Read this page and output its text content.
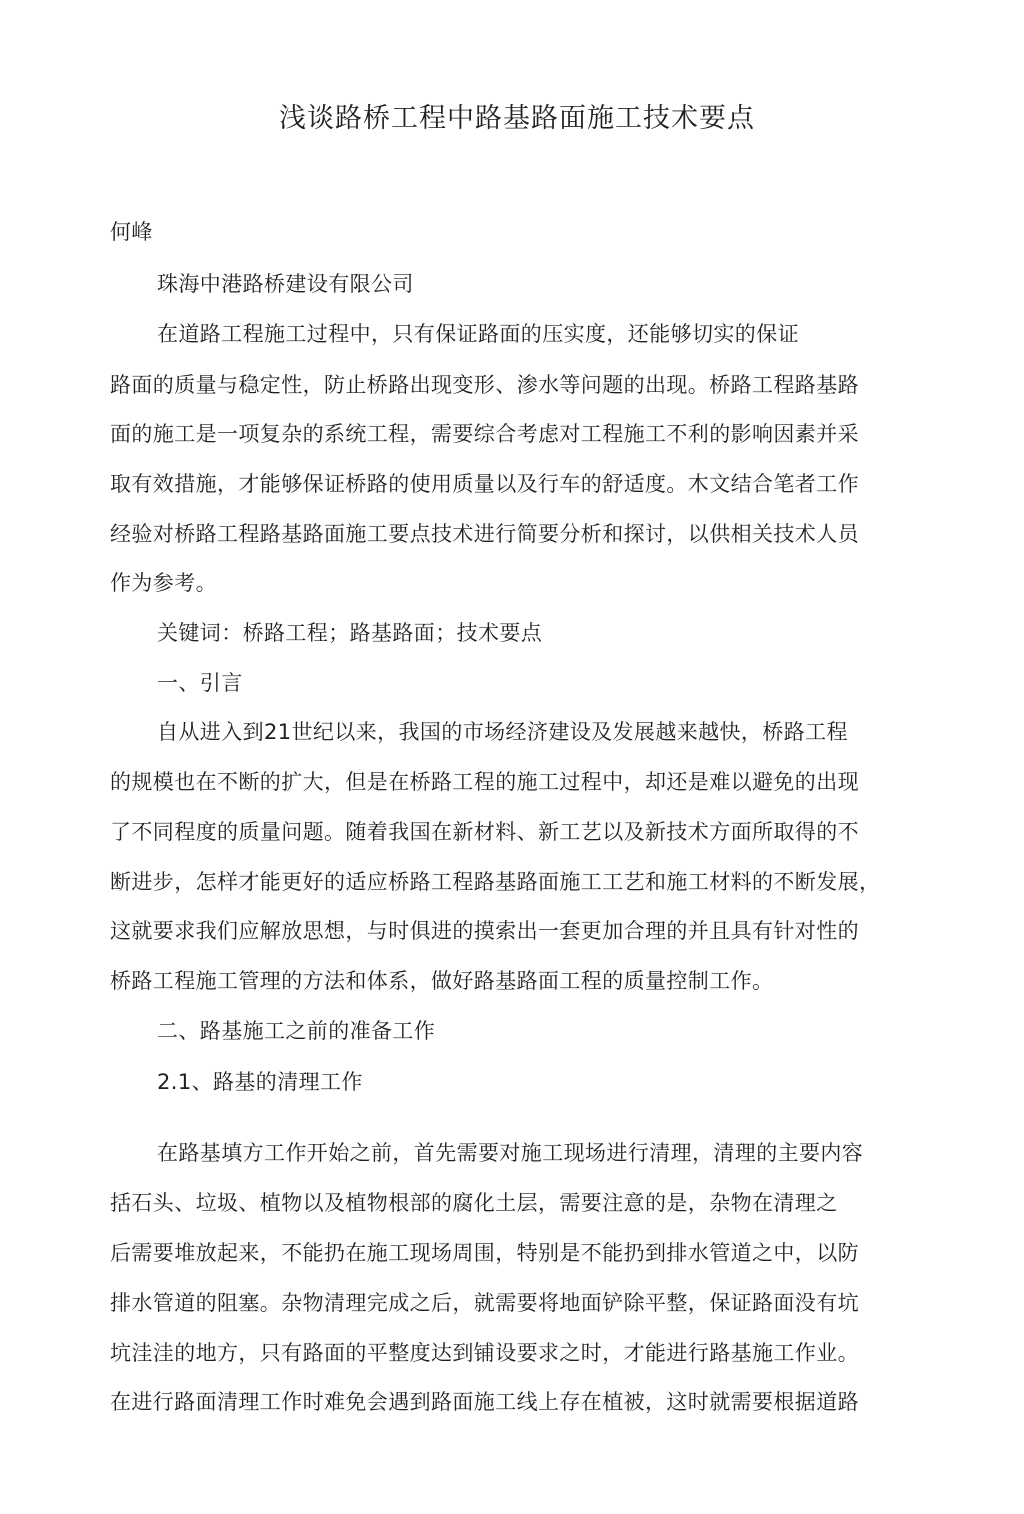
浅谈路桥工程中路基路面施工技术要点
何峰
珠海中港路桥建设有限公司
在道路工程施工过程中，只有保证路面的压实度，还能够切实的保证
路面的质量与稳定性，防止桥路出现变形、渗水等问题的出现。桥路工程路基路
面的施工是一项复杂的系统工程，需要综合考虑对工程施工不利的影响因素并采
取有效措施，才能够保证桥路的使用质量以及行车的舒适度。木文结合笔者工作
经验对桥路工程路基路面施工要点技术进行简要分析和探讨，以供相关技术人员
作为参考。
关键词：桥路工程；路基路面；技术要点
一、引言
自从进入到21世纪以来，我国的市场经济建设及发展越来越快，桥路工程
的规模也在不断的扩大，但是在桥路工程的施工过程中，却还是难以避免的出现
了不同程度的质量问题。随着我国在新材料、新工艺以及新技术方面所取得的不
断进步，怎样才能更好的适应桥路工程路基路面施工工艺和施工材料的不断发展，
这就要求我们应解放思想，与时俱进的摸索出一套更加合理的并且具有针对性的
桥路工程施工管理的方法和体系，做好路基路面工程的质量控制工作。
二、路基施工之前的准备工作
2.1、路基的清理工作
在路基填方工作开始之前，首先需要对施工现场进行清理，清理的主要内容
括石头、垃圾、植物以及植物根部的腐化土层，需要注意的是，杂物在清理之
后需要堆放起来，不能扔在施工现场周围，特别是不能扔到排水管道之中，以防
排水管道的阻塞。杂物清理完成之后，就需要将地面铲除平整，保证路面没有坑
坑洼洼的地方，只有路面的平整度达到铺设要求之时，才能进行路基施工作业。
在进行路面清理工作时难免会遇到路面施工线上存在植被，这时就需要根据道路
